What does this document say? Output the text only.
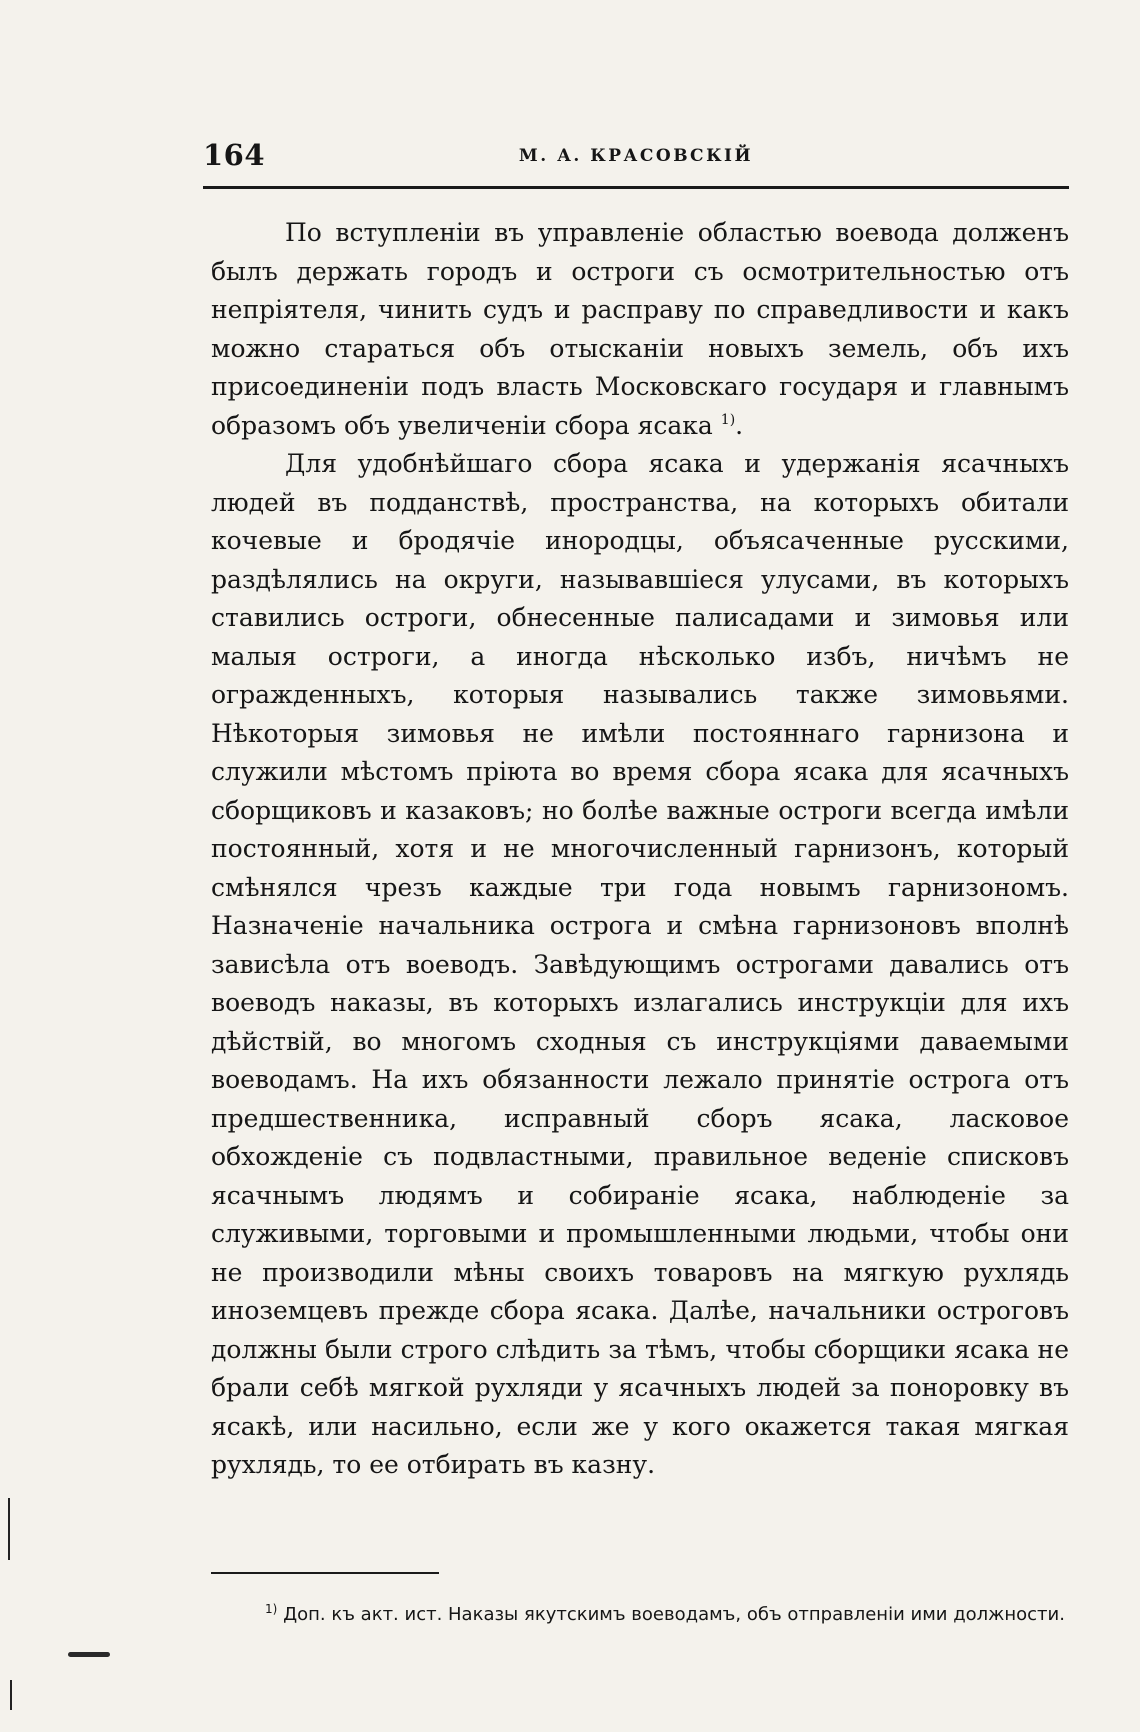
164	М. А. КРАСОВСКІЙ

По вступленіи въ управленіе областью воевода долженъ былъ держать городъ и остроги съ осмотрительностью отъ непріятеля, чинить судъ и расправу по справедливости и какъ можно стараться объ отысканіи новыхъ земель, объ ихъ присоединеніи подъ власть Московскаго государя и главнымъ образомъ объ увеличеніи сбора ясака $^{1)}$.

Для удобнѣйшаго сбора ясака и удержанія ясачныхъ людей въ подданствѣ, пространства, на которыхъ обитали кочевые и бродячіе инородцы, объясаченные русскими, раздѣлялись на округи, называвшіеся улусами, въ которыхъ ставились остроги, обнесенные палисадами и зимовья или малыя остроги, а иногда нѣсколько избъ, ничѣмъ не огражденныхъ, которыя назывались также зимовьями. Нѣкоторыя зимовья не имѣли постояннаго гарнизона и служили мѣстомъ пріюта во время сбора ясака для ясачныхъ сборщиковъ и казаковъ; но болѣе важные остроги всегда имѣли постоянный, хотя и не многочисленный гарнизонъ, который смѣнялся чрезъ каждые три года новымъ гарнизономъ. Назначеніе начальника острога и смѣна гарнизоновъ вполнѣ зависѣла отъ воеводъ. Завѣдующимъ острогами давались отъ воеводъ наказы, въ которыхъ излагались инструкціи для ихъ дѣйствій, во многомъ сходныя съ инструкціями даваемыми воеводамъ. На ихъ обязанности лежало принятіе острога отъ предшественника, исправный сборъ ясака, ласковое обхожденіе съ подвластными, правильное веденіе списковъ ясачнымъ людямъ и собираніе ясака, наблюденіе за служивыми, торговыми и промышленными людьми, чтобы они не производили мѣны своихъ товаровъ на мягкую рухлядь иноземцевъ прежде сбора ясака. Далѣе, начальники остроговъ должны были строго слѣдить за тѣмъ, чтобы сборщики ясака не брали себѣ мягкой рухляди у ясачныхъ людей за поноровку въ ясакѣ, или насильно, если же у кого окажется такая мягкая рухлядь, то ее отбирать въ казну.

$^{1)}$ Доп. къ акт. ист. Наказы якутскимъ воеводамъ, объ отправленіи ими должности.
